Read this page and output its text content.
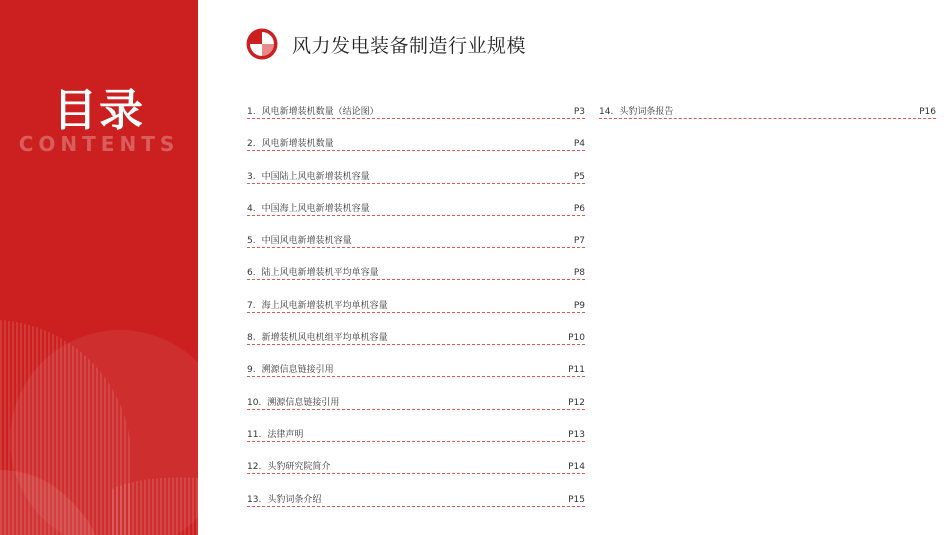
目录
CONTENTS
风力发电装备制造行业规模
1. 风电新增装机数量（结论图）	P3
2. 风电新增装机数量	P4
3. 中国陆上风电新增装机容量	P5
4. 中国海上风电新增装机容量	P6
5. 中国风电新增装机容量	P7
6. 陆上风电新增装机平均单容量	P8
7. 海上风电新增装机平均单机容量	P9
8. 新增装机风电机组平均单机容量	P10
9. 溯源信息链接引用	P11
10. 溯源信息链接引用	P12
11. 法律声明	P13
12. 头豹研究院简介	P14
13. 头豹词条介绍	P15
14. 头豹词条报告	P16
